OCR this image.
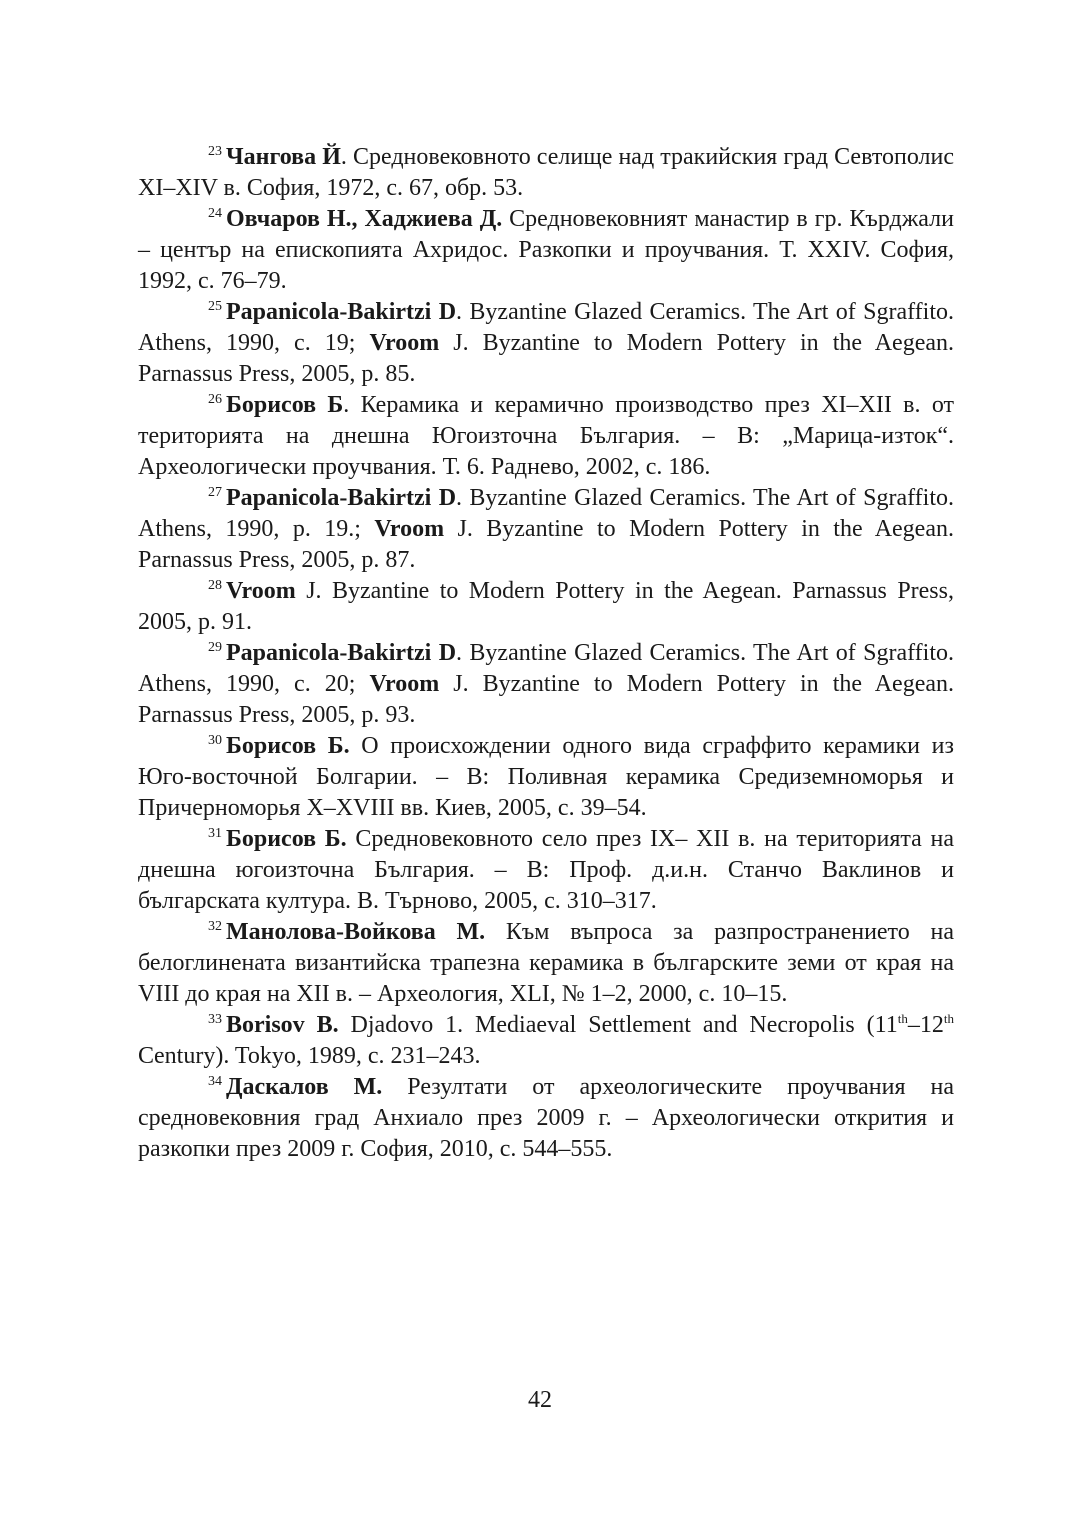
$^{23}$ Чангова Й. Средновековното селище над тракийския град Севтополис XI–XIV в. София, 1972, с. 67, обр. 53.

$^{24}$ Овчаров Н., Хаджиева Д. Средновековният манастир в гр. Кърджали – център на епископията Ахридос. Разкопки и проучвания. Т. XXIV. София, 1992, с. 76–79.

$^{25}$ Papanicola-Bakirtzi D. Byzantine Glazed Ceramics. The Art of Sgraffito. Athens, 1990, с. 19; Vroom J. Byzantine to Modern Pottery in the Aegean. Parnassus Press, 2005, p. 85.

$^{26}$ Борисов Б. Керамика и керамично производство през XI–XII в. от територията на днешна Югоизточна България. – В: „Марица-изток“. Археологически проучвания. Т. 6. Раднево, 2002, с. 186.

$^{27}$ Papanicola-Bakirtzi D. Byzantine Glazed Ceramics. The Art of Sgraffito. Athens, 1990, p. 19.; Vroom J. Byzantine to Modern Pottery in the Aegean. Parnassus Press, 2005, p. 87.

$^{28}$ Vroom J. Byzantine to Modern Pottery in the Aegean. Parnassus Press, 2005, p. 91.

$^{29}$ Papanicola-Bakirtzi D. Byzantine Glazed Ceramics. The Art of Sgraffito. Athens, 1990, с. 20; Vroom J. Byzantine to Modern Pottery in the Aegean. Parnassus Press, 2005, p. 93.

$^{30}$ Борисов Б. О происхождении одного вида сграффито керамики из Юго-восточной Болгарии. – В: Поливная керамика Средиземноморья и Причерноморья X–XVIII вв. Киев, 2005, с. 39–54.

$^{31}$ Борисов Б. Средновековното село през IX– XII в. на територията на днешна югоизточна България. – В: Проф. д.и.н. Станчо Ваклинов и българската култура. В. Търново, 2005, с. 310–317.

$^{32}$ Манолова-Войкова М. Към въпроса за разпространението на белоглинената византийска трапезна керамика в българските земи от края на VIII до края на XII в. – Археология, XLI, № 1–2, 2000, с. 10–15.

$^{33}$ Borisov B. Djadovo 1. Mediaeval Settlement and Necropolis (11th–12th Century). Tokyo, 1989, с. 231–243.

$^{34}$ Даскалов М. Резултати от археологическите проучвания на средновековния град Анхиало през 2009 г. – Археологически открития и разкопки през 2009 г. София, 2010, с. 544–555.

42
